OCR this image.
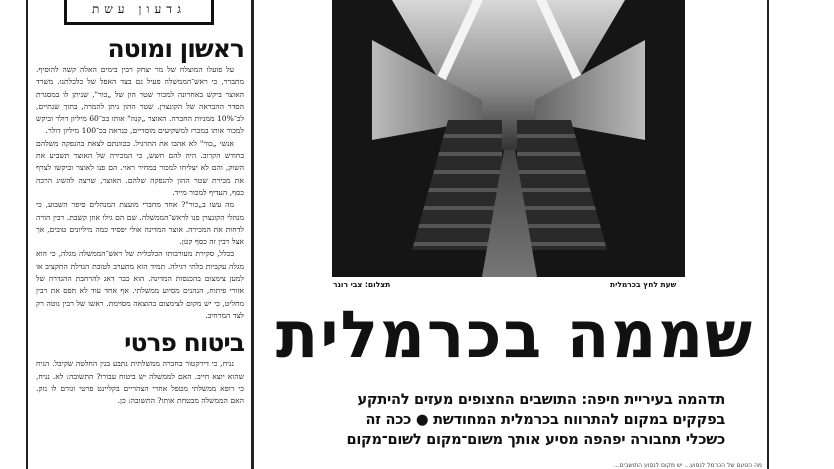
גדעון עשת
ראשון ומוטה

על פועלו המוצלח של מר יצחק רבין בימים האלה קשה להוסיף. מתברר, כי ראש־הממשלה פעיל גם בצד האפל של כלכלתנו. משרד האוצר ביקש באחרונה למכור שטר הון של „כור", שניתן לו במסגרת הסדר ההבראה של הקונצרן. שטר ההון ניתן להמרה, בתוך שנתיים, לכ־10% ממניות החברה. האוצר „קנה" אותו בכ־60 מיליון דולר וביקש למכור אותו במכרז למשקיעים מוסדיים, כנראה בכ־100 מיליון דולר.

אנשי „כור" לא אהבו את התרגיל. בכוונתם לצאת בהנפקה משלהם בחודש הקרוב. היה להם חשש, כי המכירה של האוצר תשביע את השוק, והם לא יצליחו למכור במחיר ראוי. הם פנו לאוצר וביקשו לצרף את מכירת שטר ההון להנפקה שלהם. האוצר, שרצה להשיג הרבה כסף, העדיף למכור מייד.

מה עשו ב„כור"? אחד מחברי מועצת המנהלים סיפר השבוע, כי מנהלי הקונצרן פנו לראש־הממשלה. שם הם גילו אוזן קשבת. רבין הורה לדחות את המכירה. אוצר המדינה אולי יפסיד כמה מיליונים טובים, אך אצל רבין זה כסף קטן.

בכלל, סקירת מעורבותו הכלכלית של ראש־הממשלה מגלה, כי הוא מגלה עקביות בלתי רגילה. תמיד הוא מתערב לטובת הגדלת התקציב או למען צימצום בהכנסות המדינה. הוא כבר דאג להרחבת ההגדרה של אזורי פיתוח, הנהנים מסיוע ממשלתי. אף אחד עוד לא תפס את רבין מחליט, כי יש מקום לצימצום בהוצאה מסוימת. ראשו של רבין נוטה רק לצד המרחיב.

ביטוח פרטי

נניח, כי דירקטור בחברה ממשלתית נתבע בגין החלטה שקיבל. הניח שהוא יוצא חייב. האם לממשלה יש ביטוח עבורו? התשובה: לא. נניח, כי רופא ממשלתי מטפל אחרי הצהריים בקליינט פרטי וגורם לו נזק. האם הממשלה מבטחת אותו? התשובה: כן.

שעת לחץ בכרמלית
תצלום: צבי רונר
שממה בכרמלית
תדהמה בעיריית חיפה: התושבים החצופים מעזים להיתקע
בפקקים במקום להתרווח בכרמלית המחודשת ● ככה זה
כשכלי תחבורה יפהפה מסיע אותך משום־מקום לשום־מקום
מה הטעם של הכרמל לנסוע... יש מקום לנסוע התושבים...
